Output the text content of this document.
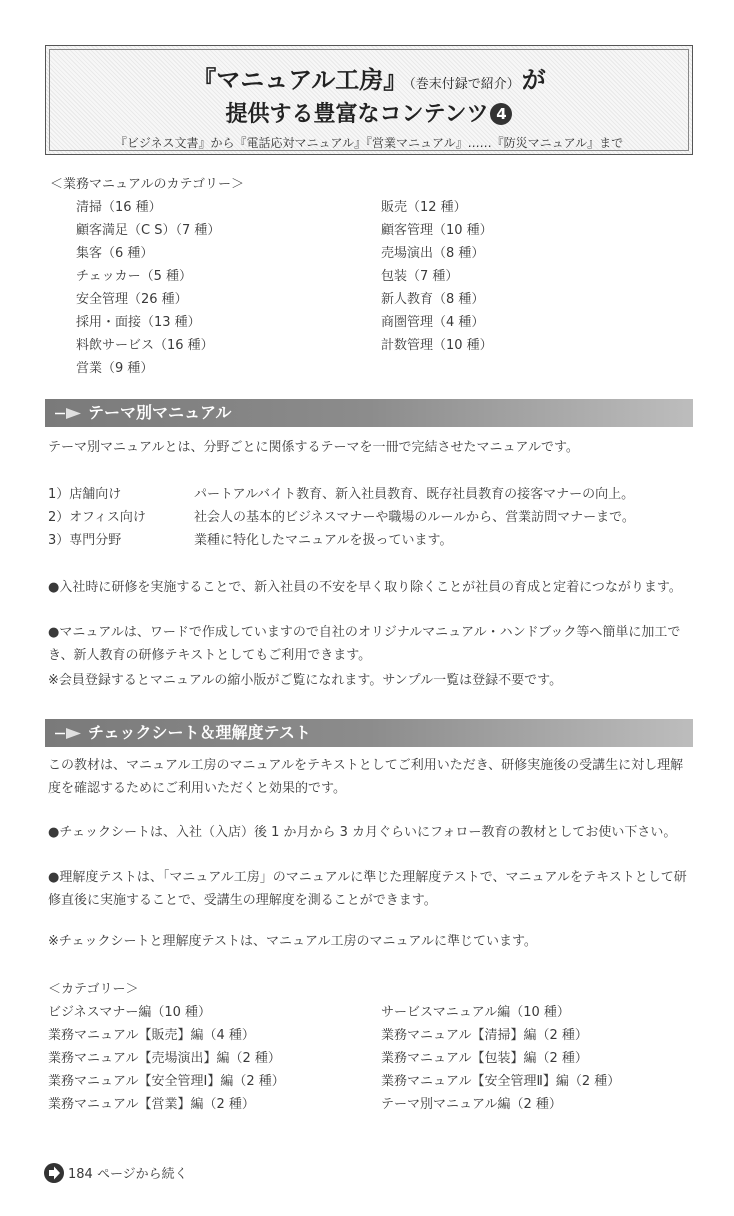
『マニュアル工房』 （巻末付録で紹介）が
提供する豊富なコンテンツ 4
『ビジネス文書』から『電話応対マニュアル』『営業マニュアル』……『防災マニュアル』まで
＜業務マニュアルのカテゴリー＞
清掃（16 種）
顧客満足（C S）（7 種）
集客（6 種）
チェッカー（5 種）
安全管理（26 種）
採用・面接（13 種）
料飲サービス（16 種）
営業（9 種）
販売（12 種）
顧客管理（10 種）
売場演出（8 種）
包装（7 種）
新人教育（8 種）
商圏管理（4 種）
計数管理（10 種）
テーマ別マニュアル
テーマ別マニュアルとは、分野ごとに関係するテーマを一冊で完結させたマニュアルです。
1）店舗向け	パートアルバイト教育、新入社員教育、既存社員教育の接客マナーの向上。
2）オフィス向け	社会人の基本的ビジネスマナーや職場のルールから、営業訪問マナーまで。
3）専門分野	業種に特化したマニュアルを扱っています。
●入社時に研修を実施することで、新入社員の不安を早く取り除くことが社員の育成と定着につながります。
●マニュアルは、ワードで作成していますので自社のオリジナルマニュアル・ハンドブック等へ簡単に加工でき、新人教育の研修テキストとしてもご利用できます。
※会員登録するとマニュアルの縮小版がご覧になれます。サンプル一覧は登録不要です。
チェックシート＆理解度テスト
この教材は、マニュアル工房のマニュアルをテキストとしてご利用いただき、研修実施後の受講生に対し理解度を確認するためにご利用いただくと効果的です。
●チェックシートは、入社（入店）後 1 か月から 3 カ月ぐらいにフォロー教育の教材としてお使い下さい。
●理解度テストは、「マニュアル工房」のマニュアルに準じた理解度テストで、マニュアルをテキストとして研修直後に実施することで、受講生の理解度を測ることができます。
※チェックシートと理解度テストは、マニュアル工房のマニュアルに準じています。
＜カテゴリー＞
ビジネスマナー編（10 種）
業務マニュアル【販売】編（4 種）
業務マニュアル【売場演出】編（2 種）
業務マニュアル【安全管理Ⅰ】編（2 種）
業務マニュアル【営業】編（2 種）
サービスマニュアル編（10 種）
業務マニュアル【清掃】編（2 種）
業務マニュアル【包装】編（2 種）
業務マニュアル【安全管理Ⅱ】編（2 種）
テーマ別マニュアル編（2 種）
184 ページから続く
